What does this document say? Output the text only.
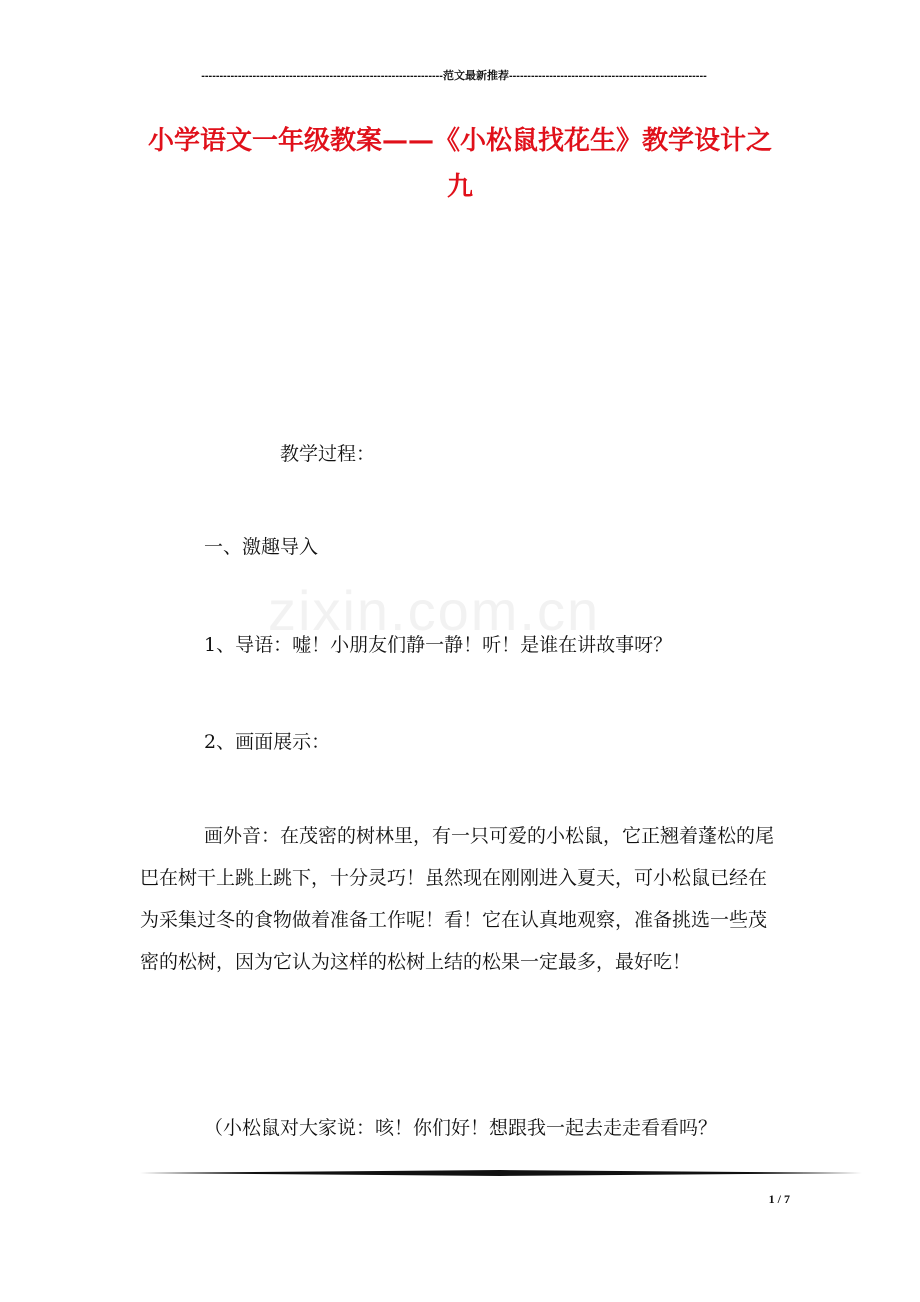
------------------------------------------------------------------范文最新推荐------------------------------------------------------
小学语文一年级教案——《小松鼠找花生》教学设计之九
zixin.com.cn

教学过程：

一、激趣导入

1、导语：嘘！小朋友们静一静！听！是谁在讲故事呀？

2、画面展示：

画外音：在茂密的树林里，有一只可爱的小松鼠，它正翘着蓬松的尾巴在树干上跳上跳下，十分灵巧！虽然现在刚刚进入夏天，可小松鼠已经在为采集过冬的食物做着准备工作呢！看！它在认真地观察，准备挑选一些茂密的松树，因为它认为这样的松树上结的松果一定最多，最好吃！

（小松鼠对大家说：咳！你们好！想跟我一起去走走看看吗？

1 / 7
